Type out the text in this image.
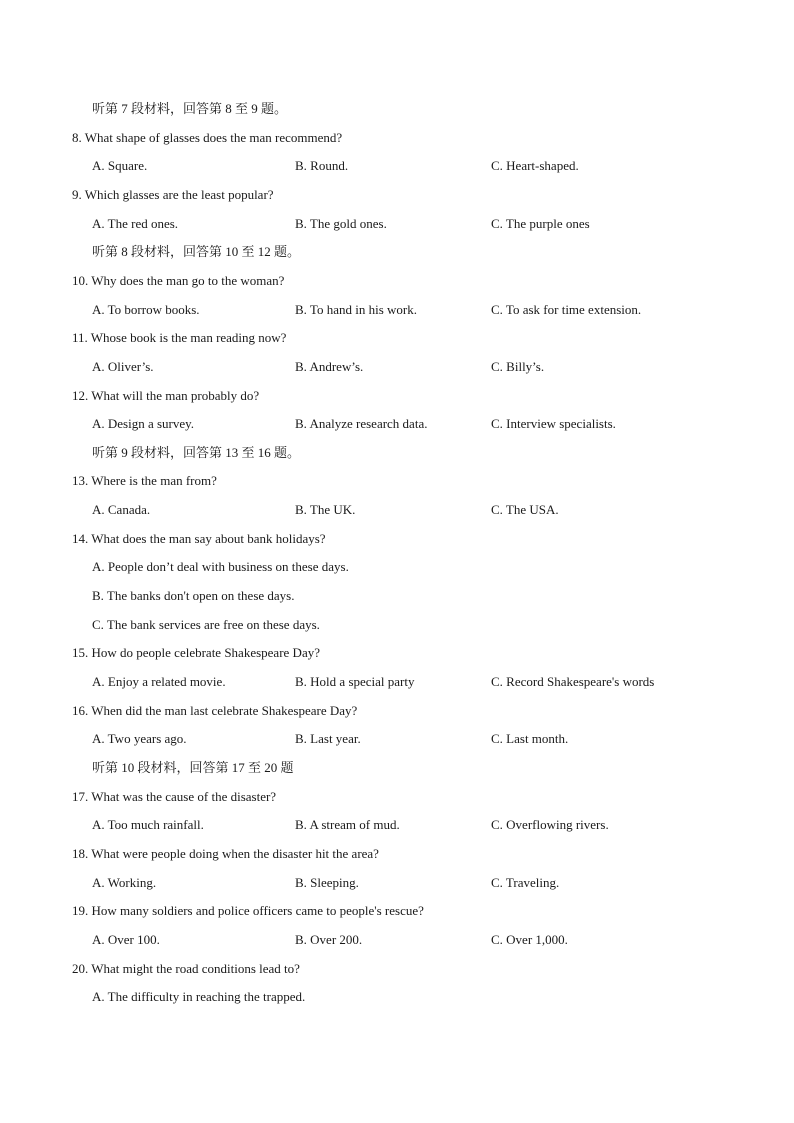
听第 7 段材料，回答第 8 至 9 题。
8. What shape of glasses does the man recommend?
A. Square.	B. Round.	C. Heart-shaped.
9. Which glasses are the least popular?
A. The red ones.	B. The gold ones.	C. The purple ones
听第 8 段材料，回答第 10 至 12 题。
10. Why does the man go to the woman?
A. To borrow books.	B. To hand in his work.	C. To ask for time extension.
11. Whose book is the man reading now?
A. Oliver’s.	B. Andrew’s.	C. Billy’s.
12. What will the man probably do?
A. Design a survey.	B. Analyze research data.	C. Interview specialists.
听第 9 段材料，回答第 13 至 16 题。
13. Where is the man from?
A. Canada.	B. The UK.	C. The USA.
14. What does the man say about bank holidays?
A. People don’t deal with business on these days.
B. The banks don't open on these days.
C. The bank services are free on these days.
15. How do people celebrate Shakespeare Day?
A. Enjoy a related movie.	B. Hold a special party	C. Record Shakespeare's words
16. When did the man last celebrate Shakespeare Day?
A. Two years ago.	B. Last year.	C. Last month.
听第 10 段材料，回答第 17 至 20 题
17. What was the cause of the disaster?
A. Too much rainfall.	B. A stream of mud.	C. Overflowing rivers.
18. What were people doing when the disaster hit the area?
A. Working.	B. Sleeping.	C. Traveling.
19. How many soldiers and police officers came to people's rescue?
A. Over 100.	B. Over 200.	C. Over 1,000.
20. What might the road conditions lead to?
A. The difficulty in reaching the trapped.
